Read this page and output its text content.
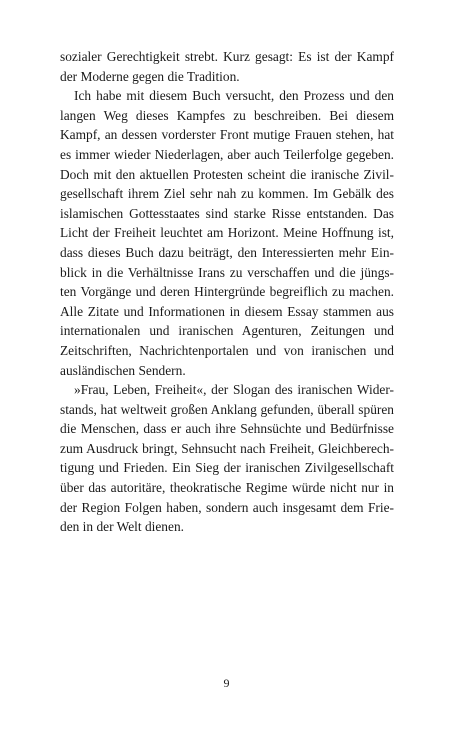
sozialer Gerechtigkeit strebt. Kurz gesagt: Es ist der Kampf
der Moderne gegen die Tradition.
Ich habe mit diesem Buch versucht, den Prozess und den
langen Weg dieses Kampfes zu beschreiben. Bei diesem
Kampf, an dessen vorderster Front mutige Frauen stehen, hat
es immer wieder Niederlagen, aber auch Teilerfolge gegeben.
Doch mit den aktuellen Protesten scheint die iranische Zivil-
gesellschaft ihrem Ziel sehr nah zu kommen. Im Gebälk des
islamischen Gottesstaates sind starke Risse entstanden. Das
Licht der Freiheit leuchtet am Horizont. Meine Hoffnung ist,
dass dieses Buch dazu beiträgt, den Interessierten mehr Ein-
blick in die Verhältnisse Irans zu verschaffen und die jüngs-
ten Vorgänge und deren Hintergründe begreiflich zu machen.
Alle Zitate und Informationen in diesem Essay stammen aus
internationalen und iranischen Agenturen, Zeitungen und
Zeitschriften, Nachrichtenportalen und von iranischen und
ausländischen Sendern.
»Frau, Leben, Freiheit«, der Slogan des iranischen Wider-
stands, hat weltweit großen Anklang gefunden, überall spüren
die Menschen, dass er auch ihre Sehnsüchte und Bedürfnisse
zum Ausdruck bringt, Sehnsucht nach Freiheit, Gleichberech-
tigung und Frieden. Ein Sieg der iranischen Zivilgesellschaft
über das autoritäre, theokratische Regime würde nicht nur in
der Region Folgen haben, sondern auch insgesamt dem Frie-
den in der Welt dienen.
9
